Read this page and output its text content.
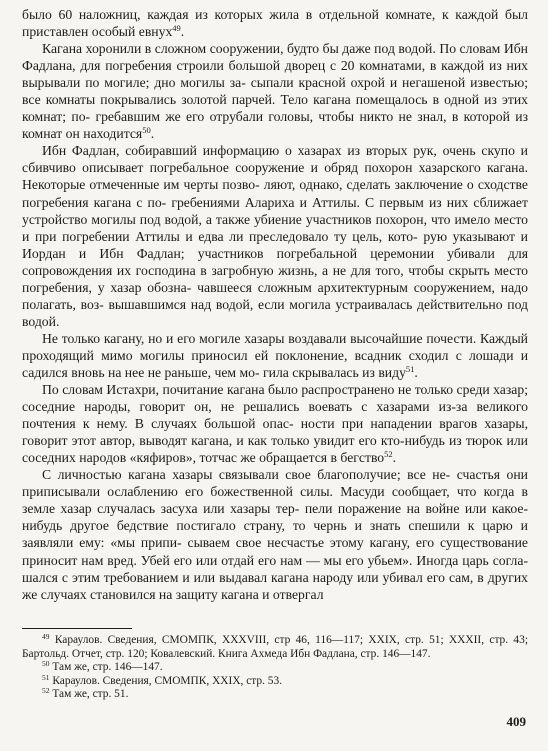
было 60 наложниц, каждая из которых жила в отдельной комнате, к каждой был приставлен особый евнух$^{49}$.

Кагана хоронили в сложном сооружении, будто бы даже под водой. По словам Ибн Фадлана, для погребения строили большой дворец с 20 комнатами, в каждой из них вырывали по могиле; дно могилы за- сыпали красной охрой и негашеной известью; все комнаты покрывались золотой парчей. Тело кагана помещалось в одной из этих комнат; по- гребавшим же его отрубали головы, чтобы никто не знал, в которой из комнат он находится$^{50}$.

Ибн Фадлан, собиравший информацию о хазарах из вторых рук, очень скупо и сбивчиво описывает погребальное сооружение и обряд похорон хазарского кагана. Некоторые отмеченные им черты позво- ляют, однако, сделать заключение о сходстве погребения кагана с по- гребениями Алариха и Аттилы. С первым из них сближает устройство могилы под водой, а также убиение участников похорон, что имело место и при погребении Аттилы и едва ли преследовало ту цель, кото- рую указывают и Иордан и Ибн Фадлан; участников погребальной церемонии убивали для сопровождения их господина в загробную жизнь, а не для того, чтобы скрыть место погребения, у хазар обозна- чавшееся сложным архитектурным сооружением, надо полагать, воз- вышавшимся над водой, если могила устраивалась действительно под водой.

Не только кагану, но и его могиле хазары воздавали высочайшие почести. Каждый проходящий мимо могилы приносил ей поклонение, всадник сходил с лошади и садился вновь на нее не раньше, чем мо- гила скрывалась из виду$^{51}$.

По словам Истахри, почитание кагана было распространено не только среди хазар; соседние народы, говорит он, не решались воевать с хазарами из-за великого почтения к нему. В случаях большой опас- ности при нападении врагов хазары, говорит этот автор, выводят кагана, и как только увидит его кто-нибудь из тюрок или соседних народов «кяфиров», тотчас же обращается в бегство$^{52}$.

С личностью кагана хазары связывали свое благополучие; все не- счастья они приписывали ослаблению его божественной силы. Масуди сообщает, что когда в земле хазар случалась засуха или хазары тер- пели поражение на войне или какое-нибудь другое бедствие постигало страну, то чернь и знать спешили к царю и заявляли ему: «мы припи- сываем свое несчастье этому кагану, его существование приносит нам вред. Убей его или отдай его нам — мы его убьем». Иногда царь согла- шался с этим требованием и или выдавал кагана народу или убивал его сам, в других же случаях становился на защиту кагана и отвергал

$^{49}$ Караулов. Сведения, СМОМПК, XXXVIII, стр 46, 116—117; XXIX, стр. 51; XXXII, стр. 43; Бартольд. Отчет, стр. 120; Ковалевский. Книга Ахмеда Ибн Фадлана, стр. 146—147.

$^{50}$ Там же, стр. 146—147.

$^{51}$ Караулов. Сведения, СМОМПК, XXIX, стр. 53.

$^{52}$ Там же, стр. 51.

409
